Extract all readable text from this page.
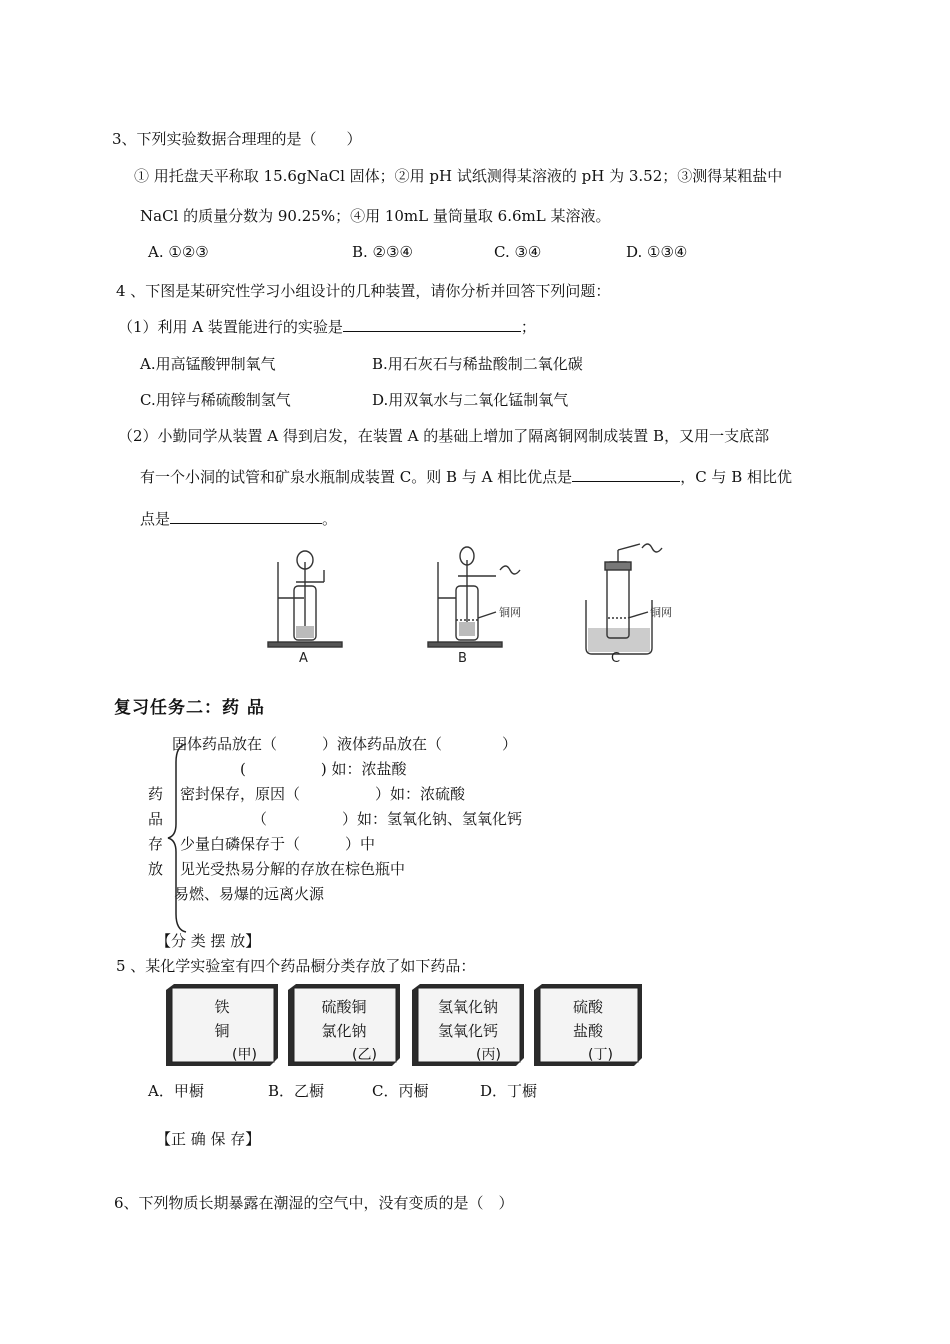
3、下列实验数据合理理的是（　　）
① 用托盘天平称取 15.6gNaCl 固体；②用 pH 试纸测得某溶液的 pH 为 3.52；③测得某粗盐中
NaCl 的质量分数为 90.25%；④用 10mL 量筒量取 6.6mL 某溶液。
A. ①②③	B. ②③④	C. ③④	D. ①③④
4 、下图是某研究性学习小组设计的几种装置，请你分析并回答下列问题：
（1）利用 A 装置能进行的实验是	；
A.用高锰酸钾制氧气	B.用石灰石与稀盐酸制二氧化碳
C.用锌与稀硫酸制氢气	D.用双氧水与二氧化锰制氧气
（2）小勤同学从装置 A 得到启发，在装置 A 的基础上增加了隔离铜网制成装置 B，又用一支底部
有一个小洞的试管和矿泉水瓶制成装置 C。则 B 与 A 相比优点是	，C 与 B 相比优
点是	。
A
铜网
B
铜网
C
复习任务二：药 品
固体药品放在（　　　）液体药品放在（　　　　）
(　　　　　) 如：浓盐酸
密封保存，原因（　　　　　）如：浓硫酸
（　　　　　）如：氢氧化钠、氢氧化钙
少量白磷保存于（　　　）中
见光受热易分解的存放在棕色瓶中
易燃、易爆的远离火源
药
品
存
放
【分 类 摆 放】
5 、某化学实验室有四个药品橱分类存放了如下药品：
铁
铜
(甲)
硫酸铜
氯化钠
(乙)
氢氧化钠
氢氧化钙
(丙)
硫酸
盐酸
(丁)
A．甲橱	B．乙橱	C．丙橱	D．丁橱
【正 确 保 存】
6、下列物质长期暴露在潮湿的空气中，没有变质的是（　）
